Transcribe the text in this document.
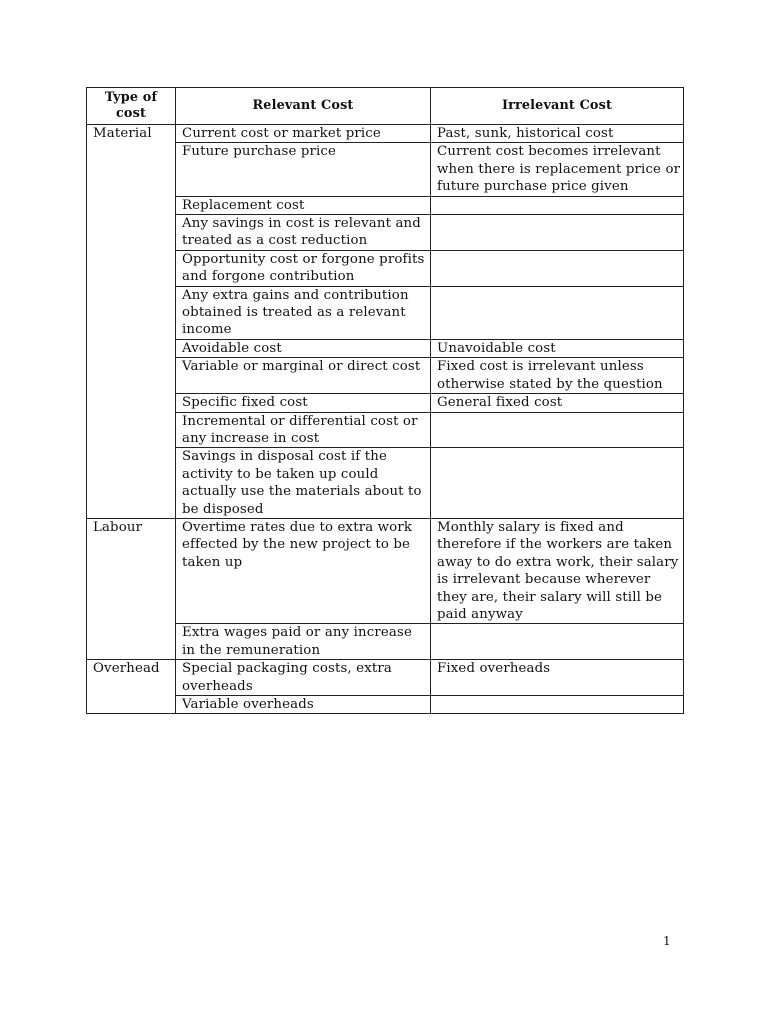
Type of cost	Relevant Cost	Irrelevant Cost
Material	Current cost or market price	Past, sunk, historical cost
	Future purchase price	Current cost becomes irrelevant when there is replacement price or future purchase price given
	Replacement cost	
	Any savings in cost is relevant and treated as a cost reduction	
	Opportunity cost or forgone profits and forgone contribution	
	Any extra gains and contribution obtained is treated as a relevant income	
	Avoidable cost	Unavoidable cost
	Variable or marginal or direct cost	Fixed cost is irrelevant unless otherwise stated by the question
	Specific fixed cost	General fixed cost
	Incremental or differential cost or any increase in cost	
	Savings in disposal cost if the activity to be taken up could actually use the materials about to be disposed	
Labour	Overtime rates due to extra work effected by the new project to be taken up	Monthly salary is fixed and therefore if the workers are taken away to do extra work, their salary is irrelevant because wherever they are, their salary will still be paid anyway
	Extra wages paid or any increase in the remuneration	
Overhead	Special packaging costs, extra overheads	Fixed overheads
	Variable overheads	
1
